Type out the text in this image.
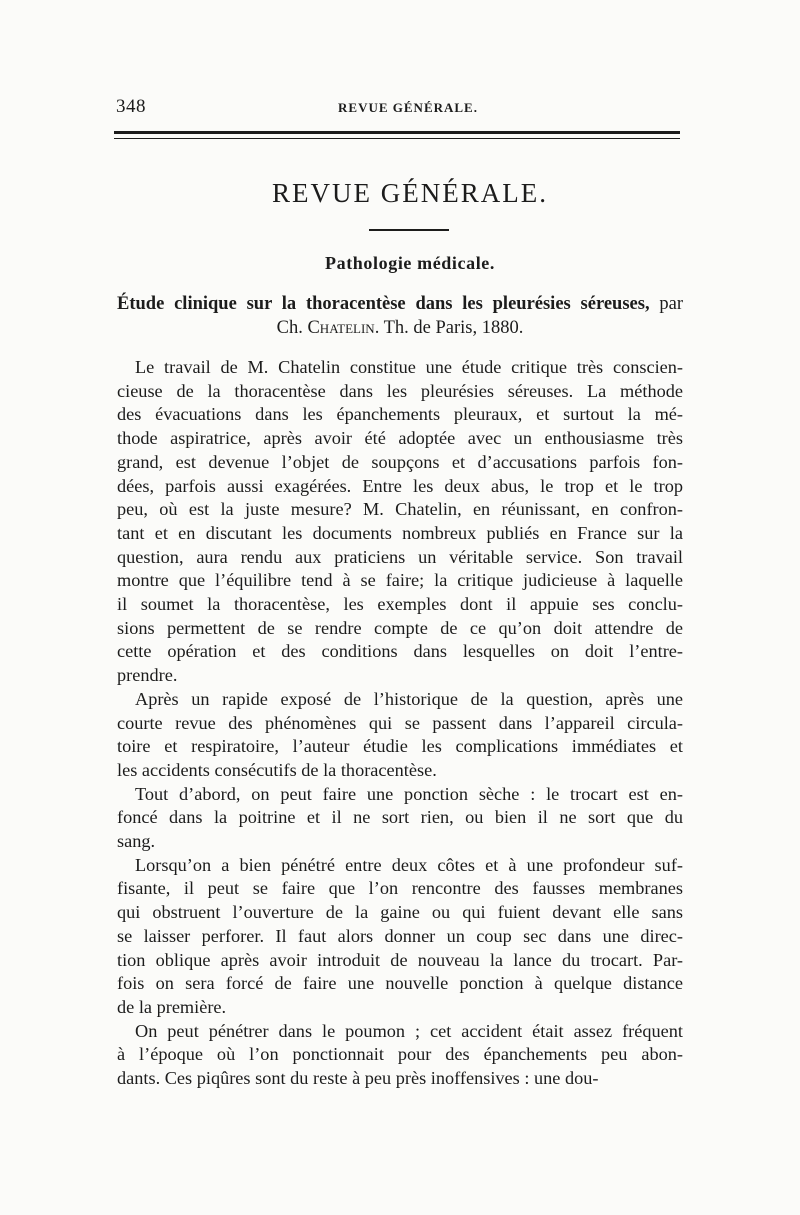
348	REVUE GÉNÉRALE.
REVUE GÉNÉRALE.
Pathologie médicale.
Étude clinique sur la thoracentèse dans les pleurésies séreuses, par
Ch. Chatelin. Th. de Paris, 1880.

Le travail de M. Chatelin constitue une étude critique très conscien-
cieuse de la thoracentèse dans les pleurésies séreuses. La méthode
des évacuations dans les épanchements pleuraux, et surtout la mé-
thode aspiratrice, après avoir été adoptée avec un enthousiasme très
grand, est devenue l’objet de soupçons et d’accusations parfois fon-
dées, parfois aussi exagérées. Entre les deux abus, le trop et le trop
peu, où est la juste mesure? M. Chatelin, en réunissant, en confron-
tant et en discutant les documents nombreux publiés en France sur la
question, aura rendu aux praticiens un véritable service. Son travail
montre que l’équilibre tend à se faire; la critique judicieuse à laquelle
il soumet la thoracentèse, les exemples dont il appuie ses conclu-
sions permettent de se rendre compte de ce qu’on doit attendre de
cette opération et des conditions dans lesquelles on doit l’entre-
prendre.

Après un rapide exposé de l’historique de la question, après une
courte revue des phénomènes qui se passent dans l’appareil circula-
toire et respiratoire, l’auteur étudie les complications immédiates et
les accidents consécutifs de la thoracentèse.

Tout d’abord, on peut faire une ponction sèche : le trocart est en-
foncé dans la poitrine et il ne sort rien, ou bien il ne sort que du
sang.

Lorsqu’on a bien pénétré entre deux côtes et à une profondeur suf-
fisante, il peut se faire que l’on rencontre des fausses membranes
qui obstruent l’ouverture de la gaine ou qui fuient devant elle sans
se laisser perforer. Il faut alors donner un coup sec dans une direc-
tion oblique après avoir introduit de nouveau la lance du trocart. Par-
fois on sera forcé de faire une nouvelle ponction à quelque distance
de la première.

On peut pénétrer dans le poumon ; cet accident était assez fréquent
à l’époque où l’on ponctionnait pour des épanchements peu abon-
dants. Ces piqûres sont du reste à peu près inoffensives : une dou-
